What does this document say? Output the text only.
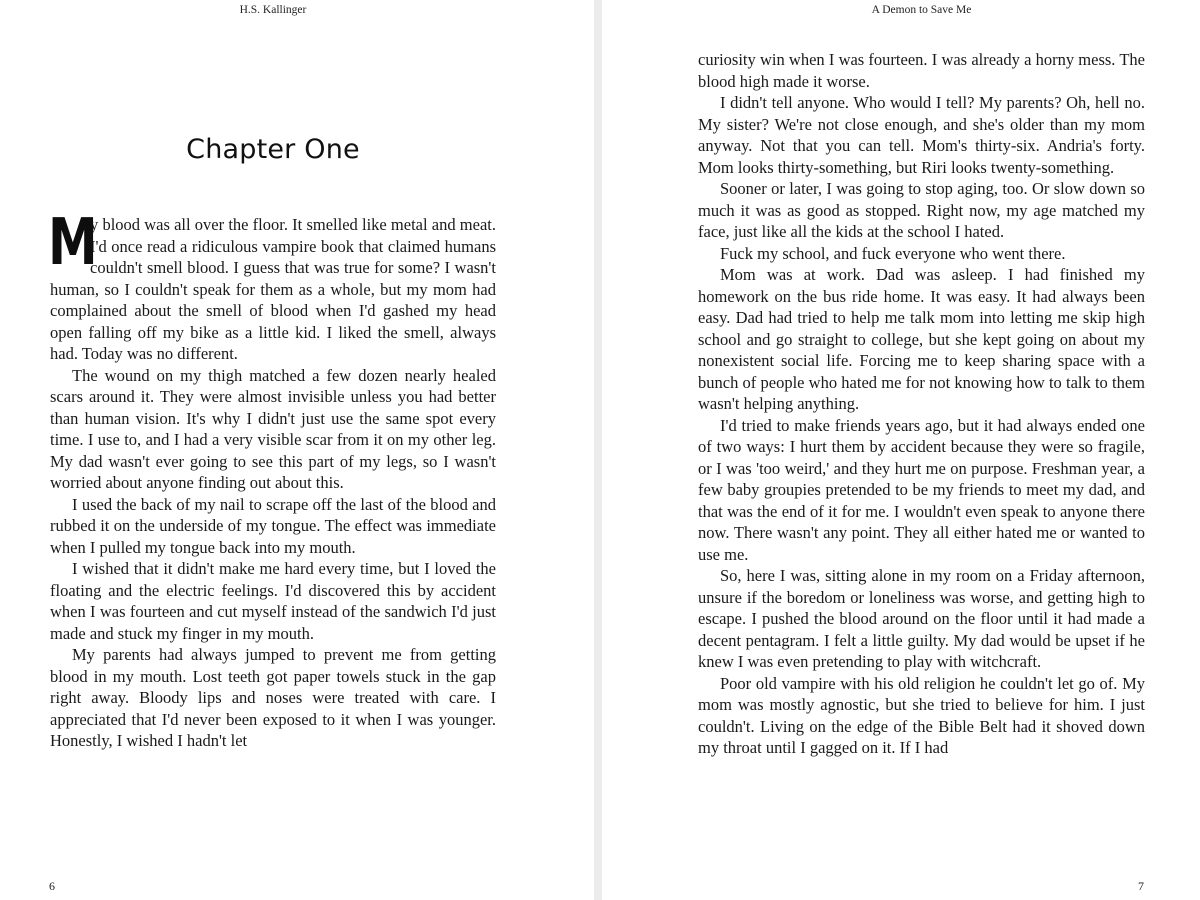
H.S. Kallinger
Chapter One

M
y blood was all over the floor. It smelled like metal and meat. I'd once read a ridiculous vampire book that claimed humans couldn't smell blood. I guess that was true for some? I wasn't human, so I couldn't speak for them as a whole, but my mom had complained about the smell of blood when I'd gashed my head open falling off my bike as a little kid. I liked the smell, always had. Today was no different.

The wound on my thigh matched a few dozen nearly healed scars around it. They were almost invisible unless you had better than human vision. It's why I didn't just use the same spot every time. I use to, and I had a very visible scar from it on my other leg. My dad wasn't ever going to see this part of my legs, so I wasn't worried about anyone finding out about this.

I used the back of my nail to scrape off the last of the blood and rubbed it on the underside of my tongue. The effect was immediate when I pulled my tongue back into my mouth.

I wished that it didn't make me hard every time, but I loved the floating and the electric feelings. I'd discovered this by accident when I was fourteen and cut myself instead of the sandwich I'd just made and stuck my finger in my mouth.

My parents had always jumped to prevent me from getting blood in my mouth. Lost teeth got paper towels stuck in the gap right away. Bloody lips and noses were treated with care. I appreciated that I'd never been exposed to it when I was younger. Honestly, I wished I hadn't let

6
A Demon to Save Me

curiosity win when I was fourteen. I was already a horny mess. The blood high made it worse.

I didn't tell anyone. Who would I tell? My parents? Oh, hell no. My sister? We're not close enough, and she's older than my mom anyway. Not that you can tell. Mom's thirty-six. Andria's forty. Mom looks thirty-something, but Riri looks twenty-something.

Sooner or later, I was going to stop aging, too. Or slow down so much it was as good as stopped. Right now, my age matched my face, just like all the kids at the school I hated.

Fuck my school, and fuck everyone who went there.

Mom was at work. Dad was asleep. I had finished my homework on the bus ride home. It was easy. It had always been easy. Dad had tried to help me talk mom into letting me skip high school and go straight to college, but she kept going on about my nonexistent social life. Forcing me to keep sharing space with a bunch of people who hated me for not knowing how to talk to them wasn't helping anything.

I'd tried to make friends years ago, but it had always ended one of two ways: I hurt them by accident because they were so fragile, or I was 'too weird,' and they hurt me on purpose. Freshman year, a few baby groupies pretended to be my friends to meet my dad, and that was the end of it for me. I wouldn't even speak to anyone there now. There wasn't any point. They all either hated me or wanted to use me.

So, here I was, sitting alone in my room on a Friday afternoon, unsure if the boredom or loneliness was worse, and getting high to escape. I pushed the blood around on the floor until it had made a decent pentagram. I felt a little guilty. My dad would be upset if he knew I was even pretending to play with witchcraft.

Poor old vampire with his old religion he couldn't let go of. My mom was mostly agnostic, but she tried to believe for him. I just couldn't. Living on the edge of the Bible Belt had it shoved down my throat until I gagged on it. If I had

7
